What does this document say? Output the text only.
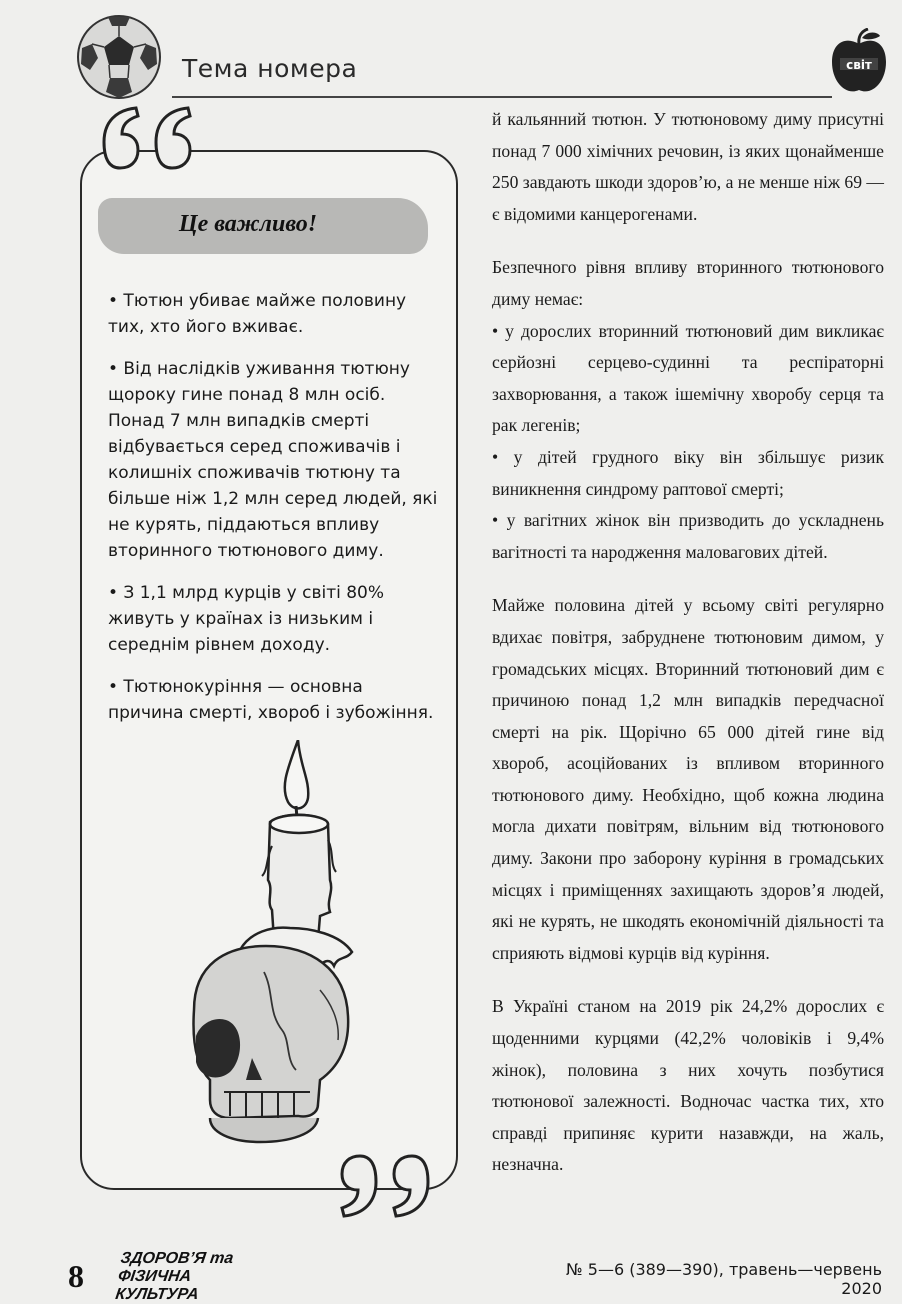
Тема номера	світ
Це важливо!

• Тютюн убиває майже половину тих, хто його вживає.

• Від наслідків уживання тютюну щороку гине понад 8 млн осіб. Понад 7 млн випадків смерті відбувається серед споживачів і колишніх споживачів тютюну та більше ніж 1,2 млн серед людей, які не курять, піддаються впливу вторинного тютюнового диму.

• З 1,1 млрд курців у світі 80% живуть у країнах із низьким і середнім рівнем доходу.

• Тютюнокуріння — основна причина смерті, хвороб і зубожіння.

й кальянний тютюн. У тютюновому диму присутні понад 7 000 хімічних речовин, із яких щонайменше 250 завдають шкоди здоров’ю, а не менше ніж 69 — є відомими канцерогенами.

Безпечного рівня впливу вторинного тютюнового диму немає:

• у дорослих вторинний тютюновий дим викликає серйозні серцево-судинні та респіраторні захворювання, а також ішемічну хворобу серця та рак легенів;

• у дітей грудного віку він збільшує ризик виникнення синдрому раптової смерті;

• у вагітних жінок він призводить до ускладнень вагітності та народження маловагових дітей.

Майже половина дітей у всьому світі регулярно вдихає повітря, забруднене тютюновим димом, у громадських місцях. Вторинний тютюновий дим є причиною понад 1,2 млн випадків передчасної смерті на рік. Щорічно 65 000 дітей гине від хвороб, асоційованих із впливом вторинного тютюнового диму. Необхідно, щоб кожна людина могла дихати повітрям, вільним від тютюнового диму. Закони про заборону куріння в громадських місцях і приміщеннях захищають здоров’я людей, які не курять, не шкодять економічній діяльності та сприяють відмові курців від куріння.

В Україні станом на 2019 рік 24,2% дорослих є щоденними курцями (42,2% чоловіків і 9,4% жінок), половина з них хочуть позбутися тютюнової залежності. Водночас частка тих, хто справді припиняє курити назавжди, на жаль, незначна.

8 ЗДОРОВ’Я та ФІЗИЧНА
КУЛЬТУРА
№ 5—6 (389—390), травень—червень 2020
